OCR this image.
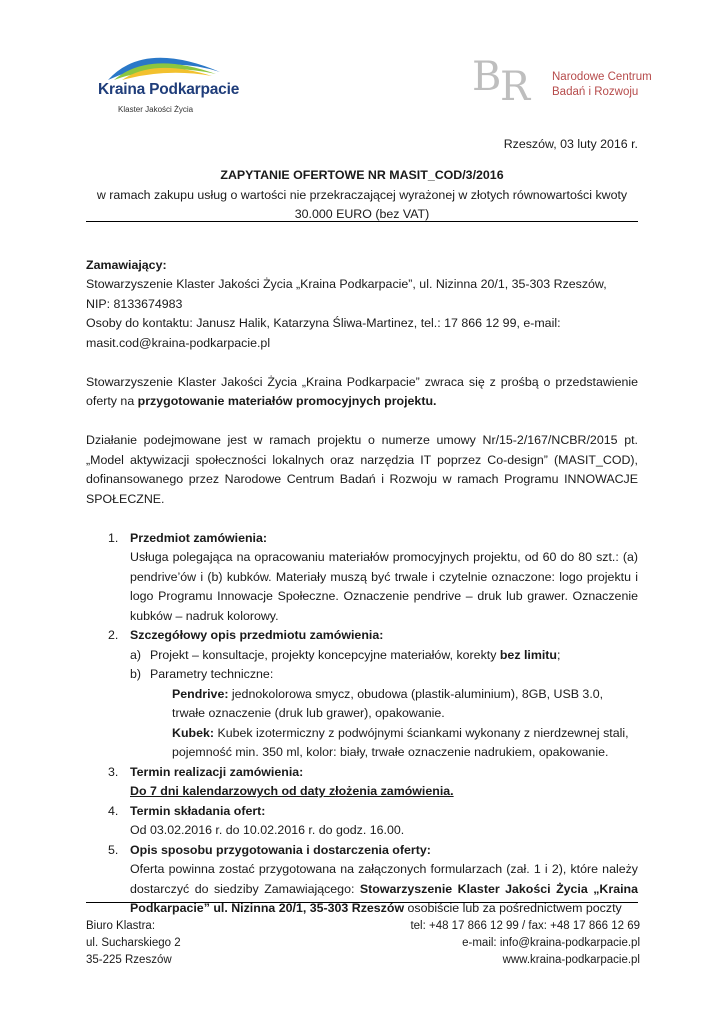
Kraina Podkarpacie
Klaster Jakości Życia
B
R Narodowe Centrum
Badań i Rozwoju
Rzeszów, 03 luty 2016 r.
ZAPYTANIE OFERTOWE NR MASIT_COD/3/2016
w ramach zakupu usług o wartości nie przekraczającej wyrażonej w złotych równowartości kwoty
30.000 EURO (bez VAT)

Zamawiający:

Stowarzyszenie Klaster Jakości Życia „Kraina Podkarpacie”, ul. Nizinna 20/1, 35-303 Rzeszów,

NIP: 8133674983

Osoby do kontaktu: Janusz Halik, Katarzyna Śliwa-Martinez, tel.: 17 866 12 99, e-mail:

masit.cod@kraina-podkarpacie.pl

Stowarzyszenie Klaster Jakości Życia „Kraina Podkarpacie” zwraca się z prośbą o przedstawienie oferty na przygotowanie materiałów promocyjnych projektu.

Działanie podejmowane jest w ramach projektu o numerze umowy Nr/15-2/167/NCBR/2015 pt. „Model aktywizacji społeczności lokalnych oraz narzędzia IT poprzez Co-design” (MASIT_COD), dofinansowanego przez Narodowe Centrum Badań i Rozwoju w ramach Programu INNOWACJE SPOŁECZNE.

1. Przedmiot zamówienia:

Usługa polegająca na opracowaniu materiałów promocyjnych projektu, od 60 do 80 szt.: (a) pendrive’ów i (b) kubków. Materiały muszą być trwale i czytelnie oznaczone: logo projektu i logo Programu Innowacje Społeczne. Oznaczenie pendrive – druk lub grawer. Oznaczenie kubków – nadruk kolorowy.

2. Szczegółowy opis przedmiotu zamówienia:

a) Projekt – konsultacje, projekty koncepcyjne materiałów, korekty bez limitu;
b) Parametry techniczne:

Pendrive: jednokolorowa smycz, obudowa (plastik-aluminium), 8GB, USB 3.0, trwałe oznaczenie (druk lub grawer), opakowanie.

Kubek: Kubek izotermiczny z podwójnymi ściankami wykonany z nierdzewnej stali, pojemność min. 350 ml, kolor: biały, trwałe oznaczenie nadrukiem, opakowanie.

3. Termin realizacji zamówienia:

Do 7 dni kalendarzowych od daty złożenia zamówienia.

4. Termin składania ofert:

Od 03.02.2016 r. do 10.02.2016 r. do godz. 16.00.

5. Opis sposobu przygotowania i dostarczenia oferty:

Oferta powinna zostać przygotowana na załączonych formularzach (zał. 1 i 2), które należy dostarczyć do siedziby Zamawiającego: Stowarzyszenie Klaster Jakości Życia „Kraina Podkarpacie” ul. Nizinna 20/1, 35-303 Rzeszów osobiście lub za pośrednictwem poczty

Biuro Klastra:
ul. Sucharskiego 2
35-225 Rzeszów
tel: +48 17 866 12 99 / fax: +48 17 866 12 69
e-mail: info@kraina-podkarpacie.pl
www.kraina-podkarpacie.pl
